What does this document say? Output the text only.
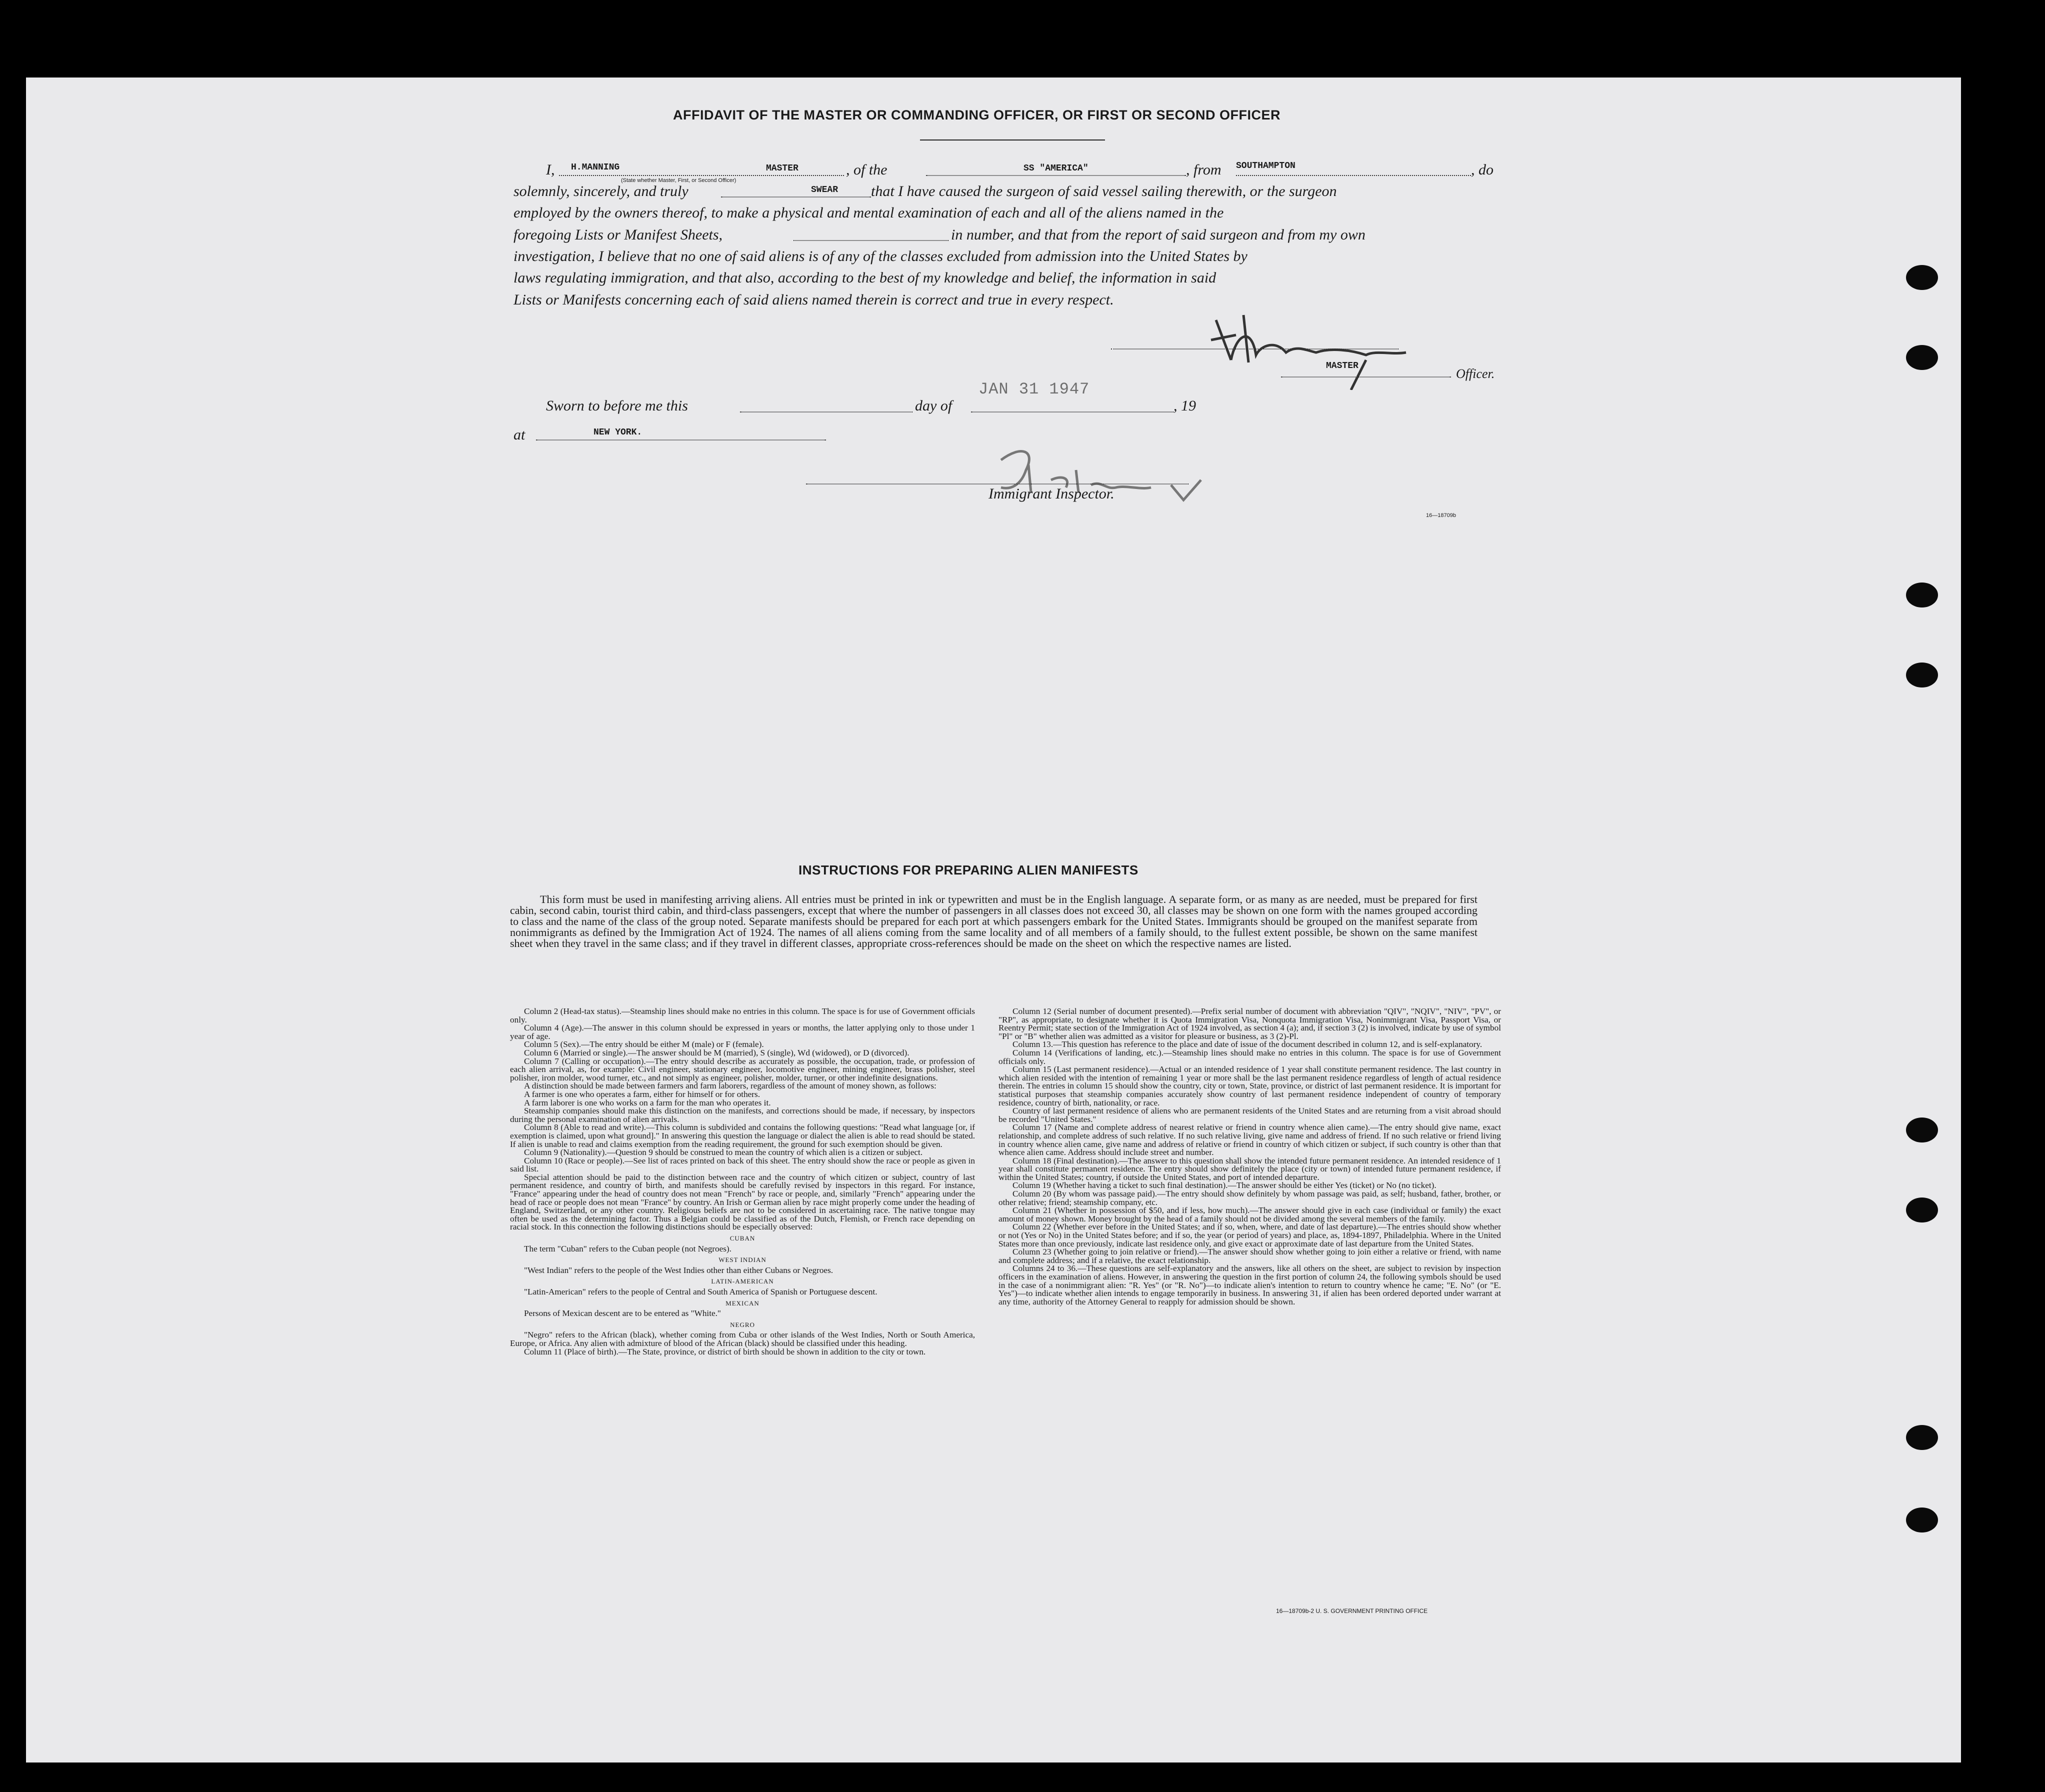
AFFIDAVIT OF THE MASTER OR COMMANDING OFFICER, OR FIRST OR SECOND OFFICER
I, H.MANNING	MASTER
(State whether Master, First, or Second Officer)
, of the	SS "AMERICA"	, from SOUTHAMPTON	, do
solemnly, sincerely, and truly	SWEAR that I have caused the surgeon of said vessel sailing therewith, or the surgeon
employed by the owners thereof, to make a physical and mental examination of each and all of the aliens named in the
foregoing Lists or Manifest Sheets,	in number, and that from the report of said surgeon and from my own
investigation, I believe that no one of said aliens is of any of the classes excluded from admission into the United States by
laws regulating immigration, and that also, according to the best of my knowledge and belief, the information in said
Lists or Manifests concerning each of said aliens named therein is correct and true in every respect.
MASTER
Officer.
Sworn to before me this	day of
JAN 31 1947
, 19
at	NEW YORK.
Immigrant Inspector.
16—18709b
INSTRUCTIONS FOR PREPARING ALIEN MANIFESTS

This form must be used in manifesting arriving aliens. All entries must be printed in ink or typewritten and must be in the English language. A separate form, or as many as are needed, must be prepared for first cabin, second cabin, tourist third cabin, and third-class passengers, except that where the number of passengers in all classes does not exceed 30, all classes may be shown on one form with the names grouped according to class and the name of the class of the group noted. Separate manifests should be prepared for each port at which passengers embark for the United States. Immigrants should be grouped on the manifest separate from nonimmigrants as defined by the Immigration Act of 1924. The names of all aliens coming from the same locality and of all members of a family should, to the fullest extent possible, be shown on the same manifest sheet when they travel in the same class; and if they travel in different classes, appropriate cross-references should be made on the sheet on which the respective names are listed.

Column 2 (Head-tax status).—Steamship lines should make no entries in this column. The space is for use of Government officials only.

Column 4 (Age).—The answer in this column should be expressed in years or months, the latter applying only to those under 1 year of age.

Column 5 (Sex).—The entry should be either M (male) or F (female).

Column 6 (Married or single).—The answer should be M (married), S (single), Wd (widowed), or D (divorced).

Column 7 (Calling or occupation).—The entry should describe as accurately as possible, the occupation, trade, or profession of each alien arrival, as, for example: Civil engineer, stationary engineer, locomotive engineer, mining engineer, brass polisher, steel polisher, iron molder, wood turner, etc., and not simply as engineer, polisher, molder, turner, or other indefinite designations.

A distinction should be made between farmers and farm laborers, regardless of the amount of money shown, as follows:

A farmer is one who operates a farm, either for himself or for others.

A farm laborer is one who works on a farm for the man who operates it.

Steamship companies should make this distinction on the manifests, and corrections should be made, if necessary, by inspectors during the personal examination of alien arrivals.

Column 8 (Able to read and write).—This column is subdivided and contains the following questions: "Read what language [or, if exemption is claimed, upon what ground]." In answering this question the language or dialect the alien is able to read should be stated. If alien is unable to read and claims exemption from the reading requirement, the ground for such exemption should be given.

Column 9 (Nationality).—Question 9 should be construed to mean the country of which alien is a citizen or subject.

Column 10 (Race or people).—See list of races printed on back of this sheet. The entry should show the race or people as given in said list.

Special attention should be paid to the distinction between race and the country of which citizen or subject, country of last permanent residence, and country of birth, and manifests should be carefully revised by inspectors in this regard. For instance, "France" appearing under the head of country does not mean "French" by race or people, and, similarly "French" appearing under the head of race or people does not mean "France" by country. An Irish or German alien by race might properly come under the heading of England, Switzerland, or any other country. Religious beliefs are not to be considered in ascertaining race. The native tongue may often be used as the determining factor. Thus a Belgian could be classified as of the Dutch, Flemish, or French race depending on racial stock. In this connection the following distinctions should be especially observed:

CUBAN

The term "Cuban" refers to the Cuban people (not Negroes).

WEST INDIAN

"West Indian" refers to the people of the West Indies other than either Cubans or Negroes.

LATIN-AMERICAN

"Latin-American" refers to the people of Central and South America of Spanish or Portuguese descent.

MEXICAN

Persons of Mexican descent are to be entered as "White."

NEGRO

"Negro" refers to the African (black), whether coming from Cuba or other islands of the West Indies, North or South America, Europe, or Africa. Any alien with admixture of blood of the African (black) should be classified under this heading.

Column 11 (Place of birth).—The State, province, or district of birth should be shown in addition to the city or town.

Column 12 (Serial number of document presented).—Prefix serial number of document with abbreviation "QIV", "NQIV", "NIV", "PV", or "RP", as appropriate, to designate whether it is Quota Immigration Visa, Nonquota Immigration Visa, Nonimmigrant Visa, Passport Visa, or Reentry Permit; state section of the Immigration Act of 1924 involved, as section 4 (a); and, if section 3 (2) is involved, indicate by use of symbol "Pl" or "B" whether alien was admitted as a visitor for pleasure or business, as 3 (2)-Pl.

Column 13.—This question has reference to the place and date of issue of the document described in column 12, and is self-explanatory.

Column 14 (Verifications of landing, etc.).—Steamship lines should make no entries in this column. The space is for use of Government officials only.

Column 15 (Last permanent residence).—Actual or an intended residence of 1 year shall constitute permanent residence. The last country in which alien resided with the intention of remaining 1 year or more shall be the last permanent residence regardless of length of actual residence therein. The entries in column 15 should show the country, city or town, State, province, or district of last permanent residence. It is important for statistical purposes that steamship companies accurately show country of last permanent residence independent of country of temporary residence, country of birth, nationality, or race.

Country of last permanent residence of aliens who are permanent residents of the United States and are returning from a visit abroad should be recorded "United States."

Column 17 (Name and complete address of nearest relative or friend in country whence alien came).—The entry should give name, exact relationship, and complete address of such relative. If no such relative living, give name and address of friend. If no such relative or friend living in country whence alien came, give name and address of relative or friend in country of which citizen or subject, if such country is other than that whence alien came. Address should include street and number.

Column 18 (Final destination).—The answer to this question shall show the intended future permanent residence. An intended residence of 1 year shall constitute permanent residence. The entry should show definitely the place (city or town) of intended future permanent residence, if within the United States; country, if outside the United States, and port of intended departure.

Column 19 (Whether having a ticket to such final destination).—The answer should be either Yes (ticket) or No (no ticket).

Column 20 (By whom was passage paid).—The entry should show definitely by whom passage was paid, as self; husband, father, brother, or other relative; friend; steamship company, etc.

Column 21 (Whether in possession of $50, and if less, how much).—The answer should give in each case (individual or family) the exact amount of money shown. Money brought by the head of a family should not be divided among the several members of the family.

Column 22 (Whether ever before in the United States; and if so, when, where, and date of last departure).—The entries should show whether or not (Yes or No) in the United States before; and if so, the year (or period of years) and place, as, 1894-1897, Philadelphia. Where in the United States more than once previously, indicate last residence only, and give exact or approximate date of last departure from the United States.

Column 23 (Whether going to join relative or friend).—The answer should show whether going to join either a relative or friend, with name and complete address; and if a relative, the exact relationship.

Columns 24 to 36.—These questions are self-explanatory and the answers, like all others on the sheet, are subject to revision by inspection officers in the examination of aliens. However, in answering the question in the first portion of column 24, the following symbols should be used in the case of a nonimmigrant alien: "R. Yes" (or "R. No")—to indicate alien's intention to return to country whence he came; "E. No" (or "E. Yes")—to indicate whether alien intends to engage temporarily in business. In answering 31, if alien has been ordered deported under warrant at any time, authority of the Attorney General to reapply for admission should be shown.

16—18709b-2 U. S. GOVERNMENT PRINTING OFFICE
